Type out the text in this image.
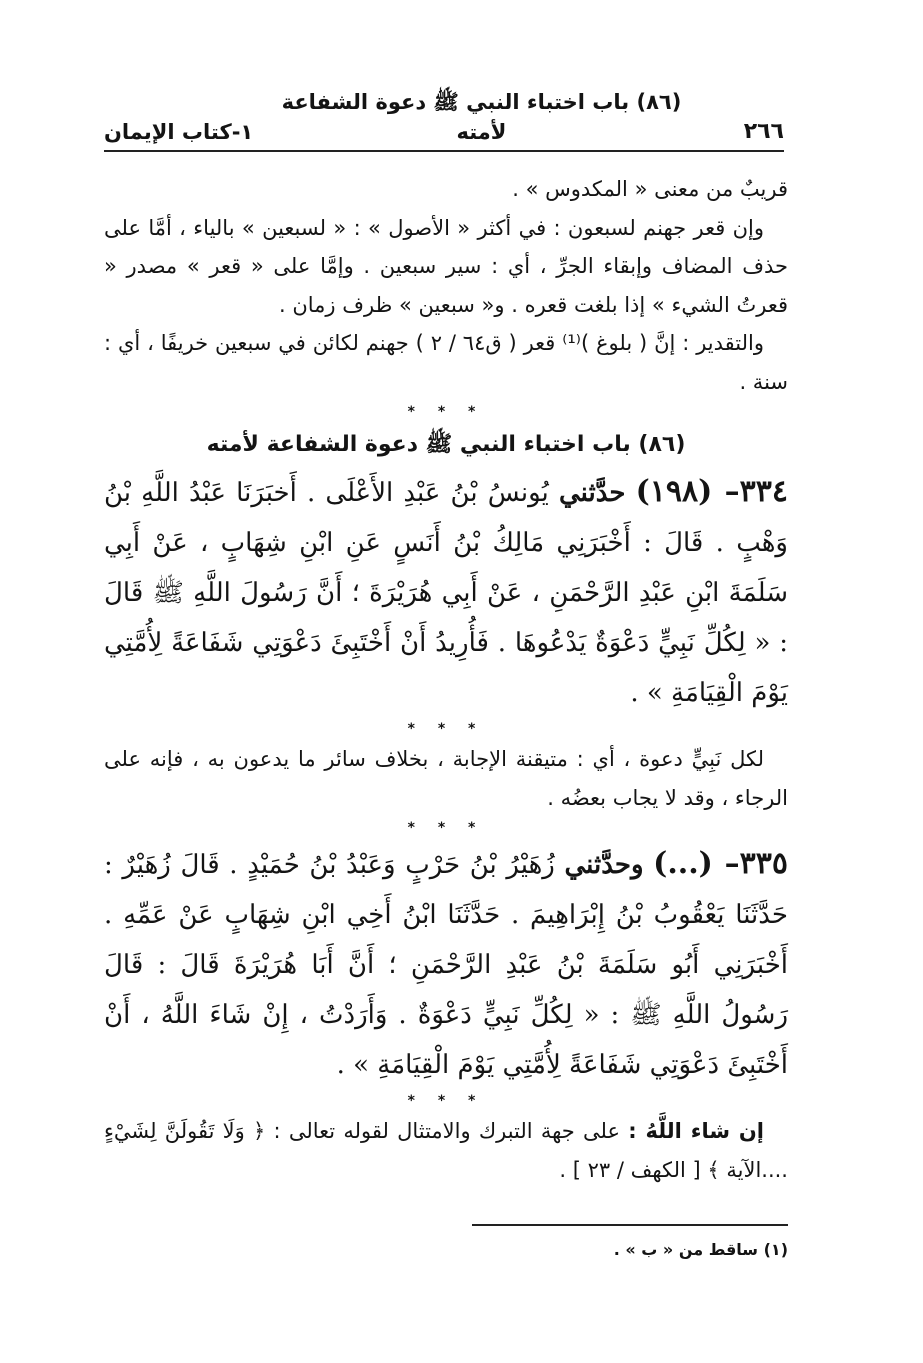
٢٦٦
(٨٦) باب اختباء النبي ﷺ دعوة الشفاعة لأمته
١-كتاب الإيمان

قريبٌ من معنى « المكدوس » .

وإن قعر جهنم لسبعون : في أكثر « الأصول » : « لسبعين » بالياء ، أمَّا على حذف المضاف وإبقاء الجرِّ ، أي : سير سبعين . وإمَّا على « قعر » مصدر « قعرتُ الشيء » إذا بلغت قعره . و« سبعين » ظرف زمان .

والتقدير : إنَّ ( بلوغ )⁽¹⁾ قعر ( ق٦٤ / ٢ ) جهنم لكائن في سبعين خريفًا ، أي : سنة .

* * *

(٨٦) باب اختباء النبي ﷺ دعوة الشفاعة لأمته

٣٣٤– (١٩٨) حدَّثني يُونسُ بْنُ عَبْدِ الأَعْلَى . أَخبَرَنَا عَبْدُ اللَّهِ بْنُ وَهْبٍ . قَالَ : أَخْبَرَنِي مَالِكُ بْنُ أَنَسٍ عَنِ ابْنِ شِهَابٍ ، عَنْ أَبِي سَلَمَةَ ابْنِ عَبْدِ الرَّحْمَنِ ، عَنْ أَبِي هُرَيْرَةَ ؛ أَنَّ رَسُولَ اللَّهِ ﷺ قَالَ : « لِكُلِّ نَبِيٍّ دَعْوَةٌ يَدْعُوهَا . فَأُرِيدُ أَنْ أَخْتَبِئَ دَعْوَتِي شَفَاعَةً لِأُمَّتِي يَوْمَ الْقِيَامَةِ » .

* * *

لكل نَبِيٍّ دعوة ، أي : متيقنة الإجابة ، بخلاف سائر ما يدعون به ، فإنه على الرجاء ، وقد لا يجاب بعضُه .

* * *

٣٣٥– (...) وحدَّثني زُهَيْرُ بْنُ حَرْبٍ وَعَبْدُ بْنُ حُمَيْدٍ . قَالَ زُهَيْرٌ : حَدَّثَنَا يَعْقُوبُ بْنُ إِبْرَاهِيمَ . حَدَّثَنَا ابْنُ أَخِي ابْنِ شِهَابٍ عَنْ عَمِّهِ . أَخْبَرَنِي أَبُو سَلَمَةَ بْنُ عَبْدِ الرَّحْمَنِ ؛ أَنَّ أَبَا هُرَيْرَةَ قَالَ : قَالَ رَسُولُ اللَّهِ ﷺ : « لِكُلِّ نَبِيٍّ دَعْوَةٌ . وَأَرَدْتُ ، إِنْ شَاءَ اللَّهُ ، أَنْ أَخْتَبِئَ دَعْوَتِي شَفَاعَةً لِأُمَّتِي يَوْمَ الْقِيَامَةِ » .

* * *

إن شاء اللَّهُ : على جهة التبرك والامتثال لقوله تعالى : ﴿ وَلَا تَقُولَنَّ لِشَيْءٍ ....الآية ﴾ [ الكهف / ٢٣ ] .

(١) ساقط من « ب » .
